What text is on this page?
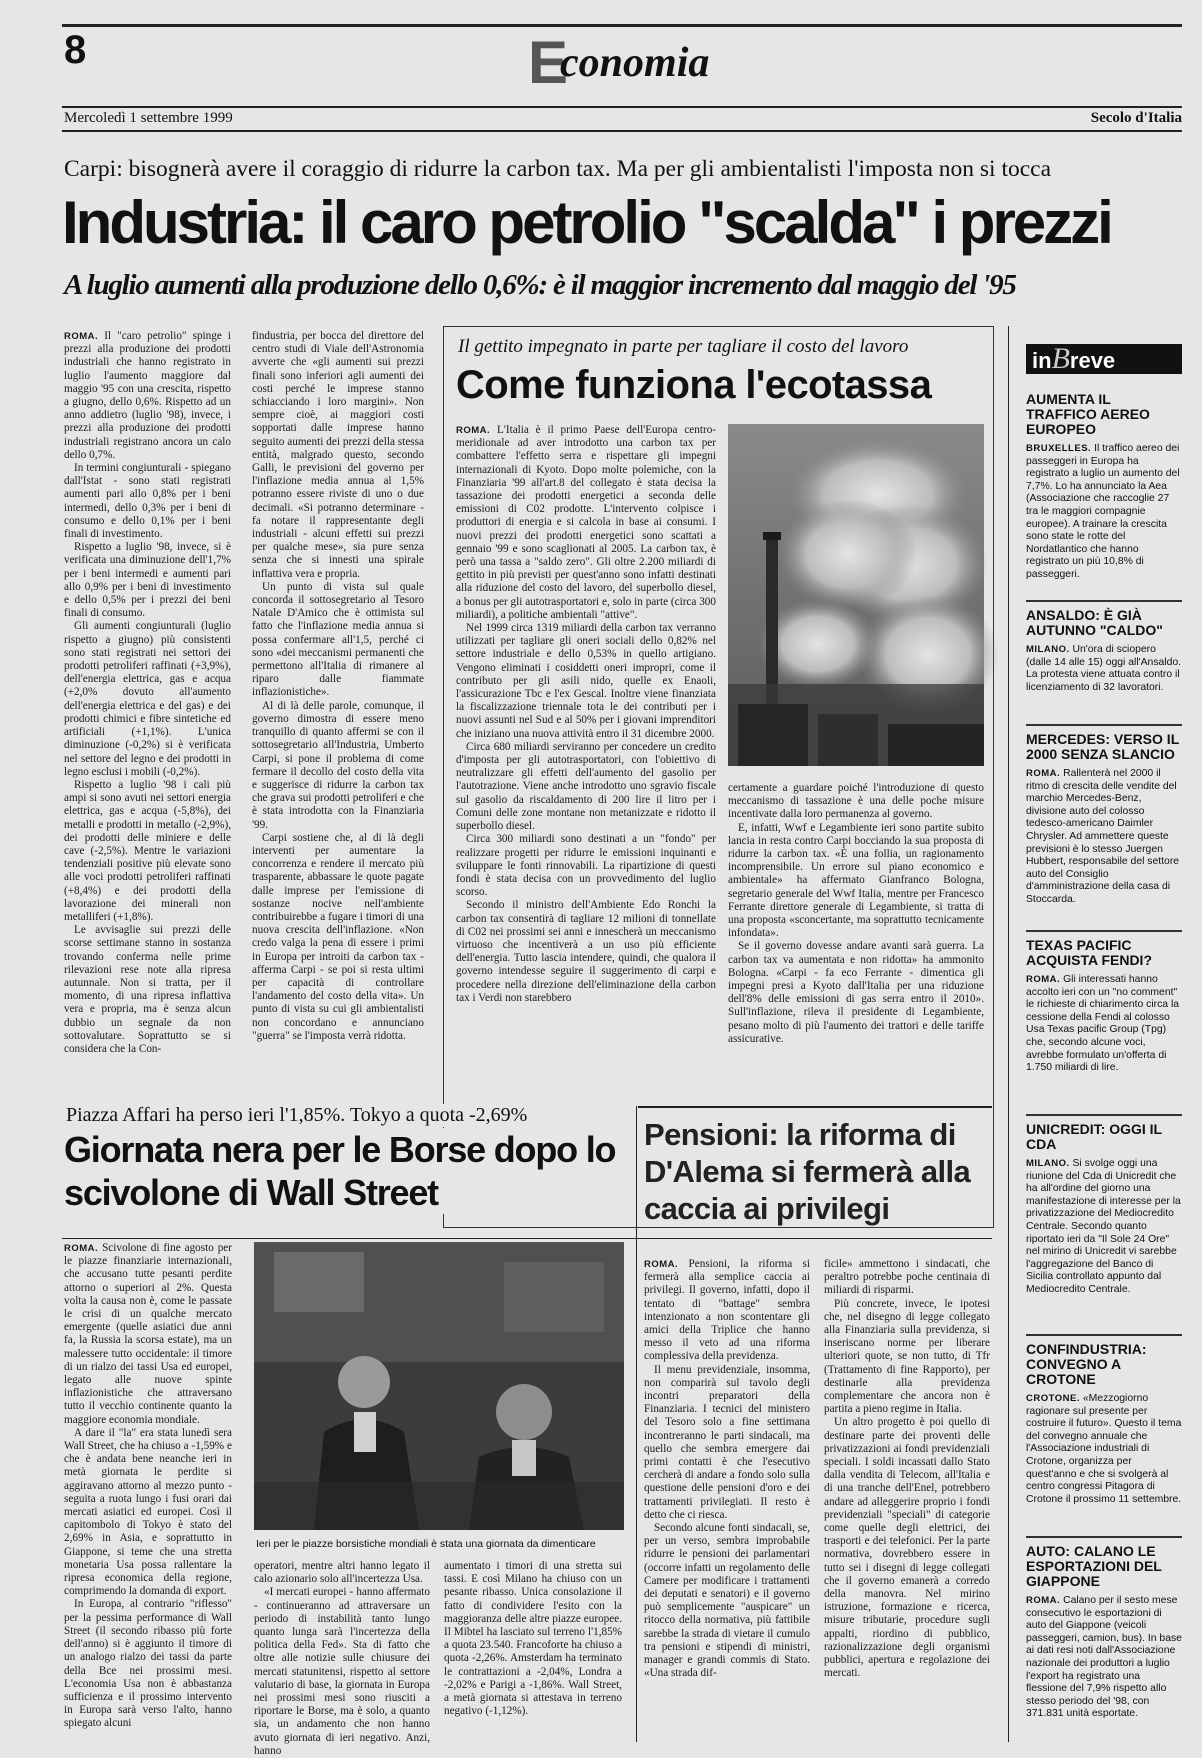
8	Economia
Mercoledì 1 settembre 1999	Secolo d'Italia
Carpi: bisognerà avere il coraggio di ridurre la carbon tax. Ma per gli ambientalisti l'imposta non si tocca
Industria: il caro petrolio "scalda" i prezzi
A luglio aumenti alla produzione dello 0,6%: è il maggior incremento dal maggio del '95

ROMA. Il "caro petrolio" spinge i prezzi alla produzione dei prodotti industriali che hanno registrato in luglio l'aumento maggiore dal maggio '95 con una crescita, rispetto a giugno, dello 0,6%. Rispetto ad un anno addietro (luglio '98), invece, i prezzi alla produzione dei prodotti industriali registrano ancora un calo dello 0,7%.

In termini congiunturali - spiegano dall'Istat - sono stati registrati aumenti pari allo 0,8% per i beni intermedi, dello 0,3% per i beni di consumo e dello 0,1% per i beni finali di investimento.

Rispetto a luglio '98, invece, si è verificata una diminuzione dell'1,7% per i beni intermedi e aumenti pari allo 0,9% per i beni di investimento e dello 0,5% per i prezzi dei beni finali di consumo.

Gli aumenti congiunturali (luglio rispetto a giugno) più consistenti sono stati registrati nei settori dei prodotti petroliferi raffinati (+3,9%), dell'energia elettrica, gas e acqua (+2,0% dovuto all'aumento dell'energia elettrica e del gas) e dei prodotti chimici e fibre sintetiche ed artificiali (+1,1%). L'unica diminuzione (-0,2%) si è verificata nel settore del legno e dei prodotti in legno esclusi i mobili (-0,2%).

Rispetto a luglio '98 i cali più ampi si sono avuti nei settori energia elettrica, gas e acqua (-5,8%), dei metalli e prodotti in metallo (-2,9%), dei prodotti delle miniere e delle cave (-2,5%). Mentre le variazioni tendenziali positive più elevate sono alle voci prodotti petroliferi raffinati (+8,4%) e dei prodotti della lavorazione dei minerali non metalliferi (+1,8%).

Le avvisaglie sui prezzi delle scorse settimane stanno in sostanza trovando conferma nelle prime rilevazioni rese note alla ripresa autunnale. Non si tratta, per il momento, di una ripresa inflattiva vera e propria, ma è senza alcun dubbio un segnale da non sottovalutare. Soprattutto se si considera che la Con-

findustria, per bocca del direttore del centro studi di Viale dell'Astronomia avverte che «gli aumenti sui prezzi finali sono inferiori agli aumenti dei costi perché le imprese stanno schiacciando i loro margini». Non sempre cioè, ai maggiori costi sopportati dalle imprese hanno seguito aumenti dei prezzi della stessa entità, malgrado questo, secondo Galli, le previsioni del governo per l'inflazione media annua al 1,5% potranno essere riviste di uno o due decimali. «Si potranno determinare - fa notare il rappresentante degli industriali - alcuni effetti sui prezzi per qualche mese», sia pure senza senza che si innesti una spirale inflattiva vera e propria.

Un punto di vista sul quale concorda il sottosegretario al Tesoro Natale D'Amico che è ottimista sul fatto che l'inflazione media annua si possa confermare all'1,5, perché ci sono «dei meccanismi permanenti che permettono all'Italia di rimanere al riparo dalle fiammate inflazionistiche».

Al di là delle parole, comunque, il governo dimostra di essere meno tranquillo di quanto affermi se con il sottosegretario all'Industria, Umberto Carpi, si pone il problema di come fermare il decollo del costo della vita e suggerisce di ridurre la carbon tax che grava sui prodotti petroliferi e che è stata introdotta con la Finanziaria '99.

Carpi sostiene che, al di là degli interventi per aumentare la concorrenza e rendere il mercato più trasparente, abbassare le quote pagate dalle imprese per l'emissione di sostanze nocive nell'ambiente contribuirebbe a fugare i timori di una nuova crescita dell'inflazione. «Non credo valga la pena di essere i primi in Europa per introiti da carbon tax - afferma Carpi - se poi si resta ultimi per capacità di controllare l'andamento del costo della vita». Un punto di vista su cui gli ambientalisti non concordano e annunciano "guerra" se l'imposta verrà ridotta.

Il gettito impegnato in parte per tagliare il costo del lavoro
Come funziona l'ecotassa

ROMA. L'Italia è il primo Paese dell'Europa centro-meridionale ad aver introdotto una carbon tax per combattere l'effetto serra e rispettare gli impegni internazionali di Kyoto. Dopo molte polemiche, con la Finanziaria '99 all'art.8 del collegato è stata decisa la tassazione dei prodotti energetici a seconda delle emissioni di C02 prodotte. L'intervento colpisce i produttori di energia e si calcola in base ai consumi. I nuovi prezzi dei prodotti energetici sono scattati a gennaio '99 e sono scaglionati al 2005. La carbon tax, è però una tassa a "saldo zero". Gli oltre 2.200 miliardi di gettito in più previsti per quest'anno sono infatti destinati alla riduzione del costo del lavoro, del superbollo diesel, a bonus per gli autotrasportatori e, solo in parte (circa 300 miliardi), a politiche ambientali "attive".

Nel 1999 circa 1319 miliardi della carbon tax verranno utilizzati per tagliare gli oneri sociali dello 0,82% nel settore industriale e dello 0,53% in quello artigiano. Vengono eliminati i cosiddetti oneri impropri, come il contributo per gli asili nido, quelle ex Enaoli, l'assicurazione Tbc e l'ex Gescal. Inoltre viene finanziata la fiscalizzazione triennale tota le dei contributi per i nuovi assunti nel Sud e al 50% per i giovani imprenditori che iniziano una nuova attività entro il 31 dicembre 2000.

Circa 680 miliardi serviranno per concedere un credito d'imposta per gli autotrasportatori, con l'obiettivo di neutralizzare gli effetti dell'aumento del gasolio per l'autotrazione. Viene anche introdotto uno sgravio fiscale sul gasolio da riscaldamento di 200 lire il litro per i Comuni delle zone montane non metanizzate e ridotto il superbollo diesel.

Circa 300 miliardi sono destinati a un "fondo" per realizzare progetti per ridurre le emissioni inquinanti e sviluppare le fonti rinnovabili. La ripartizione di questi fondi è stata decisa con un provvedimento del luglio scorso.

Secondo il ministro dell'Ambiente Edo Ronchi la carbon tax consentirà di tagliare 12 milioni di tonnellate di C02 nei prossimi sei anni e innescherà un meccanismo virtuoso che incentiverà a un uso più efficiente dell'energia. Tutto lascia intendere, quindi, che qualora il governo intendesse seguire il suggerimento di carpi e procedere nella direzione dell'eliminazione della carbon tax i Verdi non starebbero

certamente a guardare poiché l'introduzione di questo meccanismo di tassazione è una delle poche misure incentivate dalla loro permanenza al governo.

E, infatti, Wwf e Legambiente ieri sono partite subito lancia in resta contro Carpi bocciando la sua proposta di ridurre la carbon tax. «È una follia, un ragionamento incomprensibile. Un errore sul piano economico e ambientale» ha affermato Gianfranco Bologna, segretario generale del Wwf Italia, mentre per Francesco Ferrante direttore generale di Legambiente, si tratta di una proposta «sconcertante, ma soprattutto tecnicamente infondata».

Se il governo dovesse andare avanti sarà guerra. La carbon tax va aumentata e non ridotta» ha ammonito Bologna. «Carpi - fa eco Ferrante - dimentica gli impegni presi a Kyoto dall'Italia per una riduzione dell'8% delle emissioni di gas serra entro il 2010». Sull'inflazione, rileva il presidente di Legambiente, pesano molto di più l'aumento dei trattori e delle tariffe assicurative.

inBreve
AUMENTA IL TRAFFICO AEREO EUROPEO
BRUXELLES. Il traffico aereo dei passeggeri in Europa ha registrato a luglio un aumento del 7,7%. Lo ha annunciato la Aea (Associazione che raccoglie 27 tra le maggiori compagnie europee). A trainare la crescita sono state le rotte del Nordatlantico che hanno registrato un più 10,8% di passeggeri.
ANSALDO: È GIÀ AUTUNNO "CALDO"
MILANO. Un'ora di sciopero (dalle 14 alle 15) oggi all'Ansaldo. La protesta viene attuata contro il licenziamento di 32 lavoratori.
MERCEDES: VERSO IL 2000 SENZA SLANCIO
ROMA. Rallenterà nel 2000 il ritmo di crescita delle vendite del marchio Mercedes-Benz, divisione auto del colosso tedesco-americano Daimler Chrysler. Ad ammettere queste previsioni è lo stesso Juergen Hubbert, responsabile del settore auto del Consiglio d'amministrazione della casa di Stoccarda.
TEXAS PACIFIC ACQUISTA FENDI?
ROMA. Gli interessati hanno accolto ieri con un "no comment" le richieste di chiarimento circa la cessione della Fendi al colosso Usa Texas pacific Group (Tpg) che, secondo alcune voci, avrebbe formulato un'offerta di 1.750 miliardi di lire.
UNICREDIT: OGGI IL CDA
MILANO. Si svolge oggi una riunione del Cda di Unicredit che ha all'ordine del giorno una manifestazione di interesse per la privatizzazione del Mediocredito Centrale. Secondo quanto riportato ieri da "Il Sole 24 Ore" nel mirino di Unicredit vi sarebbe l'aggregazione del Banco di Sicilia controllato appunto dal Mediocredito Centrale.
CONFINDUSTRIA: CONVEGNO A CROTONE
CROTONE. «Mezzogiorno ragionare sul presente per costruire il futuro». Questo il tema del convegno annuale che l'Associazione industriali di Crotone, organizza per quest'anno e che si svolgerà al centro congressi Pitagora di Crotone il prossimo 11 settembre.
AUTO: CALANO LE ESPORTAZIONI DEL GIAPPONE
ROMA. Calano per il sesto mese consecutivo le esportazioni di auto del Giappone (veicoli passeggeri, camion, bus). In base ai dati resi noti dall'Associazione nazionale dei produttori a luglio l'export ha registrato una flessione del 7,9% rispetto allo stesso periodo del '98, con 371.831 unità esportate.
Piazza Affari ha perso ieri l'1,85%. Tokyo a quota -2,69%
Giornata nera per le Borse dopo lo scivolone di Wall Street

ROMA. Scivolone di fine agosto per le piazze finanziarie internazionali, che accusano tutte pesanti perdite attorno o superiori al 2%. Questa volta la causa non è, come le passate le crisi di un qualche mercato emergente (quelle asiatici due anni fa, la Russia la scorsa estate), ma un malessere tutto occidentale: il timore di un rialzo dei tassi Usa ed europei, legato alle nuove spinte inflazionistiche che attraversano tutto il vecchio continente quanto la maggiore economia mondiale.

A dare il "la" era stata lunedì sera Wall Street, che ha chiuso a -1,59% e che è andata bene neanche ieri in metà giornata le perdite si aggiravano attorno al mezzo punto - seguita a ruota lungo i fusi orari dai mercati asiatici ed europei. Così il capitombolo di Tokyo è stato del 2,69% in Asia, e soprattutto in Giappone, si teme che una stretta monetaria Usa possa rallentare la ripresa economica della regione, comprimendo la domanda di export.

In Europa, al contrario "riflesso" per la pessima performance di Wall Street (il secondo ribasso più forte dell'anno) si è aggiunto il timore di un analogo rialzo dei tassi da parte della Bce nei prossimi mesi. L'economia Usa non è abbastanza sufficienza e il prossimo intervento in Europa sarà verso l'alto, hanno spiegato alcuni

Ieri per le piazze borsistiche mondiali è stata una giornata da dimenticare

operatori, mentre altri hanno legato il calo azionario solo all'incertezza Usa.

«I mercati europei - hanno affermato - continueranno ad attraversare un periodo di instabilità tanto lungo quanto lunga sarà l'incertezza della politica della Fed». Sta di fatto che oltre alle notizie sulle chiusure dei mercati statunitensi, rispetto al settore valutario di base, la giornata in Europa nei prossimi mesi sono riusciti a riportare le Borse, ma è solo, a quanto sia, un andamento che non hanno avuto giornata di ieri negativo. Anzi, hanno

aumentato i timori di una stretta sui tassi. E così Milano ha chiuso con un pesante ribasso. Unica consolazione il fatto di condividere l'esito con la maggioranza delle altre piazze europee. Il Mibtel ha lasciato sul terreno l'1,85% a quota 23.540. Francoforte ha chiuso a quota -2,26%. Amsterdam ha terminato le contrattazioni a -2,04%, Londra a -2,02% e Parigi a -1,86%. Wall Street, a metà giornata si attestava in terreno negativo (-1,12%).

Pensioni: la riforma di D'Alema si fermerà alla caccia ai privilegi

ROMA. Pensioni, la riforma si fermerà alla semplice caccia ai privilegi. Il governo, infatti, dopo il tentato di "battage" sembra intenzionato a non scontentare gli amici della Triplice che hanno messo il veto ad una riforma complessiva della previdenza.

Il menu previdenziale, insomma, non comparirà sul tavolo degli incontri preparatori della Finanziaria. I tecnici del ministero del Tesoro solo a fine settimana incontreranno le parti sindacali, ma quello che sembra emergere dai primi contatti è che l'esecutivo cercherà di andare a fondo solo sulla questione delle pensioni d'oro e dei trattamenti privilegiati. Il resto è detto che ci riesca.

Secondo alcune fonti sindacali, se, per un verso, sembra improbabile ridurre le pensioni dei parlamentari (occorre infatti un regolamento delle Camere per modificare i trattamenti dei deputati e senatori) e il governo può semplicemente "auspicare" un ritocco della normativa, più fattibile sarebbe la strada di vietare il cumulo tra pensioni e stipendi di ministri, manager e grandi commis di Stato. «Una strada dif-

ficile» ammettono i sindacati, che peraltro potrebbe poche centinaia di miliardi di risparmi.

Più concrete, invece, le ipotesi che, nel disegno di legge collegato alla Finanziaria sulla previdenza, si inseriscano norme per liberare ulteriori quote, se non tutto, di Tfr (Trattamento di fine Rapporto), per destinarle alla previdenza complementare che ancora non è partita a pieno regime in Italia.

Un altro progetto è poi quello di destinare parte dei proventi delle privatizzazioni ai fondi previdenziali speciali. I soldi incassati dallo Stato dalla vendita di Telecom, all'Italia e di una tranche dell'Enel, potrebbero andare ad alleggerire proprio i fondi previdenziali "speciali" di categorie come quelle degli elettrici, dei trasporti e dei telefonici. Per la parte normativa, dovrebbero essere in tutto sei i disegni di legge collegati che il governo emanerà a corredo della manovra. Nel mirino istruzione, formazione e ricerca, misure tributarie, procedure sugli appalti, riordino di pubblico, razionalizzazione degli organismi pubblici, apertura e regolazione dei mercati.
